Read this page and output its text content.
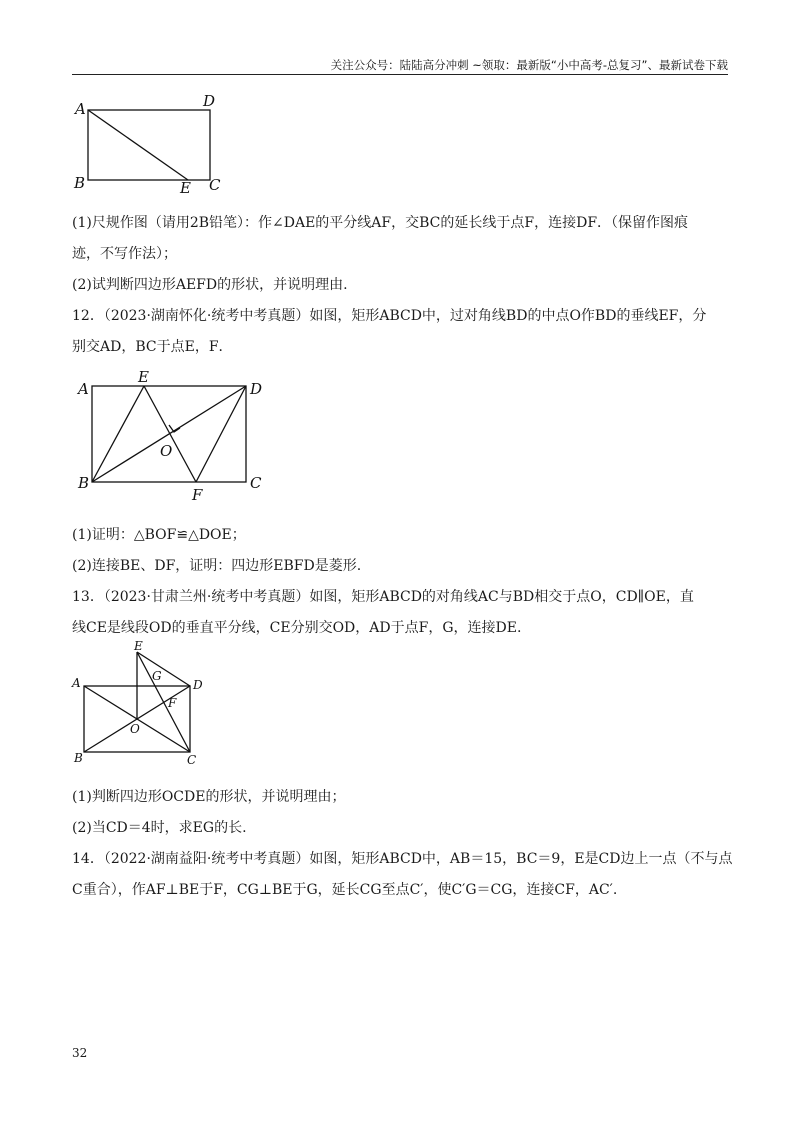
关注公众号：陆陆高分冲刺 ~领取：最新版“小中高考-总复习”、最新试卷下载
A	D
B	E C
(1)尺规作图（请用2B铅笔）：作∠DAE的平分线AF，交BC的延长线于点F，连接DF．（保留作图痕
迹，不写作法）；
(2)试判断四边形AEFD的形状，并说明理由.
12．（2023·湖南怀化·统考中考真题）如图，矩形ABCD中，过对角线BD的中点O作BD的垂线EF，分
别交AD，BC于点E，F．
A
E
D
O
B
F
C
(1)证明：△BOF≌△DOE；
(2)连接BE、DF，证明：四边形EBFD是菱形.
13．（2023·甘肃兰州·统考中考真题）如图，矩形ABCD的对角线AC与BD相交于点O，CD∥OE，直
线CE是线段OD的垂直平分线，CE分别交OD，AD于点F，G，连接DE.
E
G
A	D
F
O
B	C
(1)判断四边形OCDE的形状，并说明理由；
(2)当CD＝4时，求EG的长.
14．（2022·湖南益阳·统考中考真题）如图，矩形ABCD中，AB＝15，BC＝9，E是CD边上一点（不与点
C重合），作AF⊥BE于F，CG⊥BE于G，延长CG至点C′，使C′G＝CG，连接CF，AC′.
32
